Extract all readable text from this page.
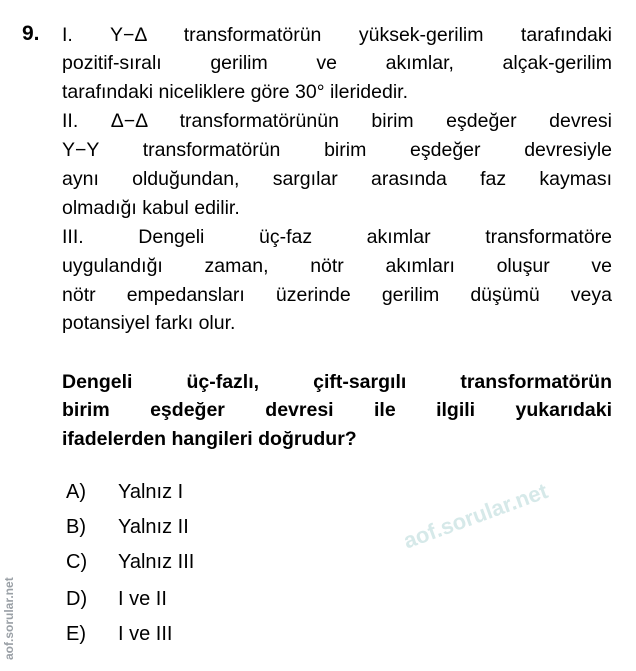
aof.sorular.net
aof.sorular.net
9. I. Y−Δ transformatörün yüksek-gerilim tarafındaki
pozitif-sıralı gerilim ve akımlar, alçak-gerilim
tarafındaki niceliklere göre 30° ileridedir.
II. Δ−Δ transformatörünün birim eşdeğer devresi
Y−Y transformatörün birim eşdeğer devresiyle
aynı olduğundan, sargılar arasında faz kayması
olmadığı kabul edilir.
III. Dengeli üç-faz akımlar transformatöre
uygulandığı zaman, nötr akımları oluşur ve
nötr empedansları üzerinde gerilim düşümü veya
potansiyel farkı olur.
Dengeli üç-fazlı, çift-sargılı transformatörün
birim eşdeğer devresi ile ilgili yukarıdaki
ifadelerden hangileri doğrudur?
A) Yalnız I
B) Yalnız II
C) Yalnız III
D) I ve II
E) I ve III
